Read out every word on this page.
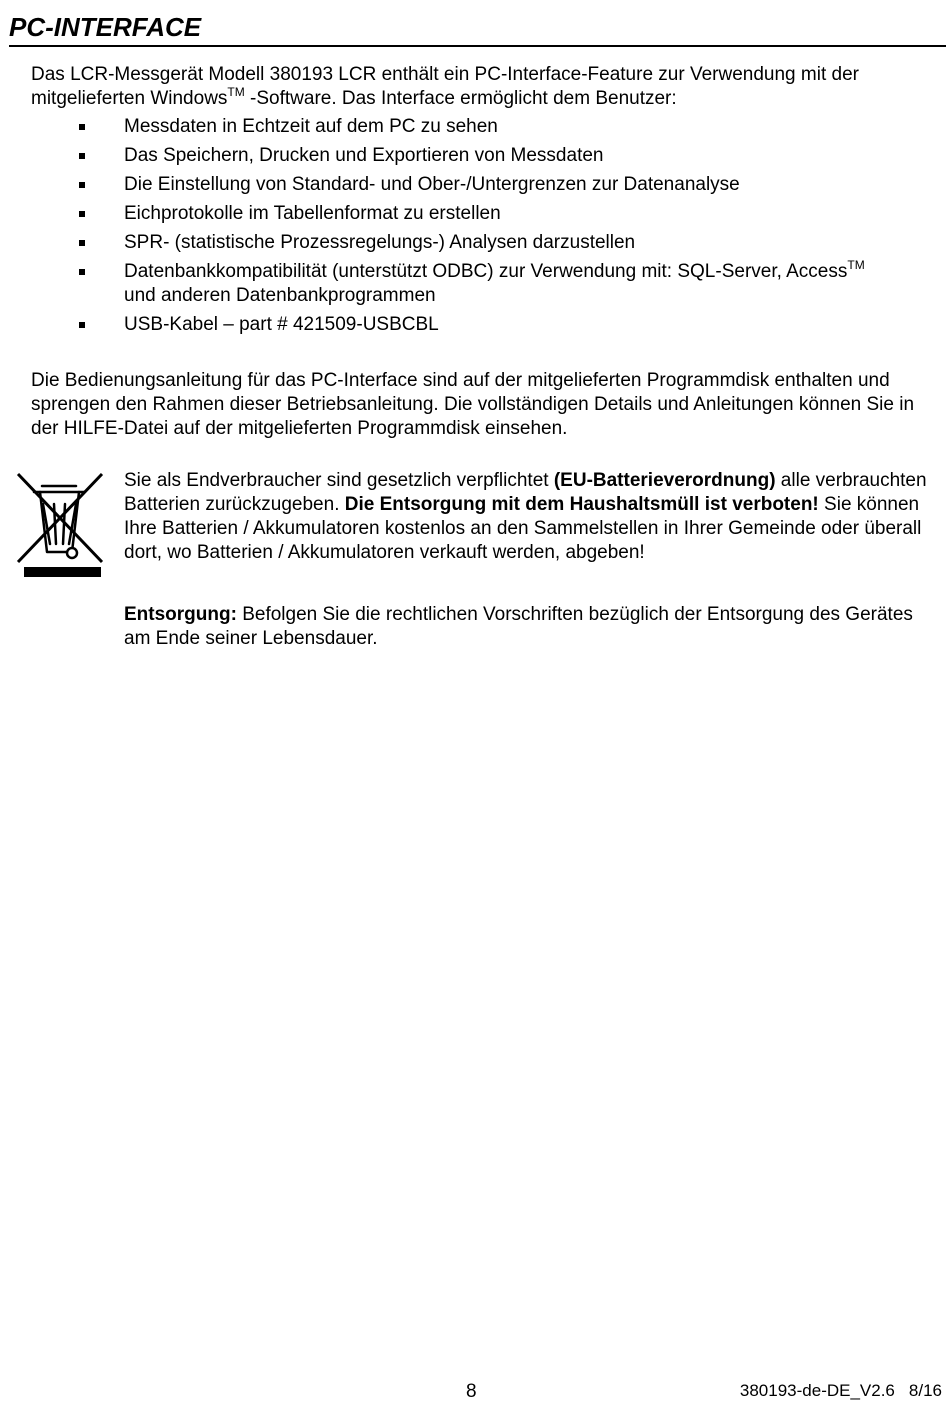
PC-INTERFACE

Das LCR-Messgerät Modell 380193 LCR enthält ein PC-Interface-Feature zur Verwendung mit der mitgelieferten Windows™ -Software. Das Interface ermöglicht dem Benutzer:

Messdaten in Echtzeit auf dem PC zu sehen
Das Speichern, Drucken und Exportieren von Messdaten
Die Einstellung von Standard- und Ober-/Untergrenzen zur Datenanalyse
Eichprotokolle im Tabellenformat zu erstellen
SPR- (statistische Prozessregelungs-) Analysen darzustellen
Datenbankkompatibilität (unterstützt ODBC) zur Verwendung mit: SQL-Server, Access™
und anderen Datenbankprogrammen
USB-Kabel – part # 421509-USBCBL

Die Bedienungsanleitung für das PC-Interface sind auf der mitgelieferten Programmdisk enthalten und sprengen den Rahmen dieser Betriebsanleitung. Die vollständigen Details und Anleitungen können Sie in der HILFE-Datei auf der mitgelieferten Programmdisk einsehen.

Sie als Endverbraucher sind gesetzlich verpflichtet (EU-Batterieverordnung) alle verbrauchten Batterien zurückzugeben. Die Entsorgung mit dem Haushaltsmüll ist verboten! Sie können Ihre Batterien / Akkumulatoren kostenlos an den Sammelstellen in Ihrer Gemeinde oder überall dort, wo Batterien / Akkumulatoren verkauft werden, abgeben!

Entsorgung: Befolgen Sie die rechtlichen Vorschriften bezüglich der Entsorgung des Gerätes am Ende seiner Lebensdauer.

8	380193-de-DE_V2.6 8/16
